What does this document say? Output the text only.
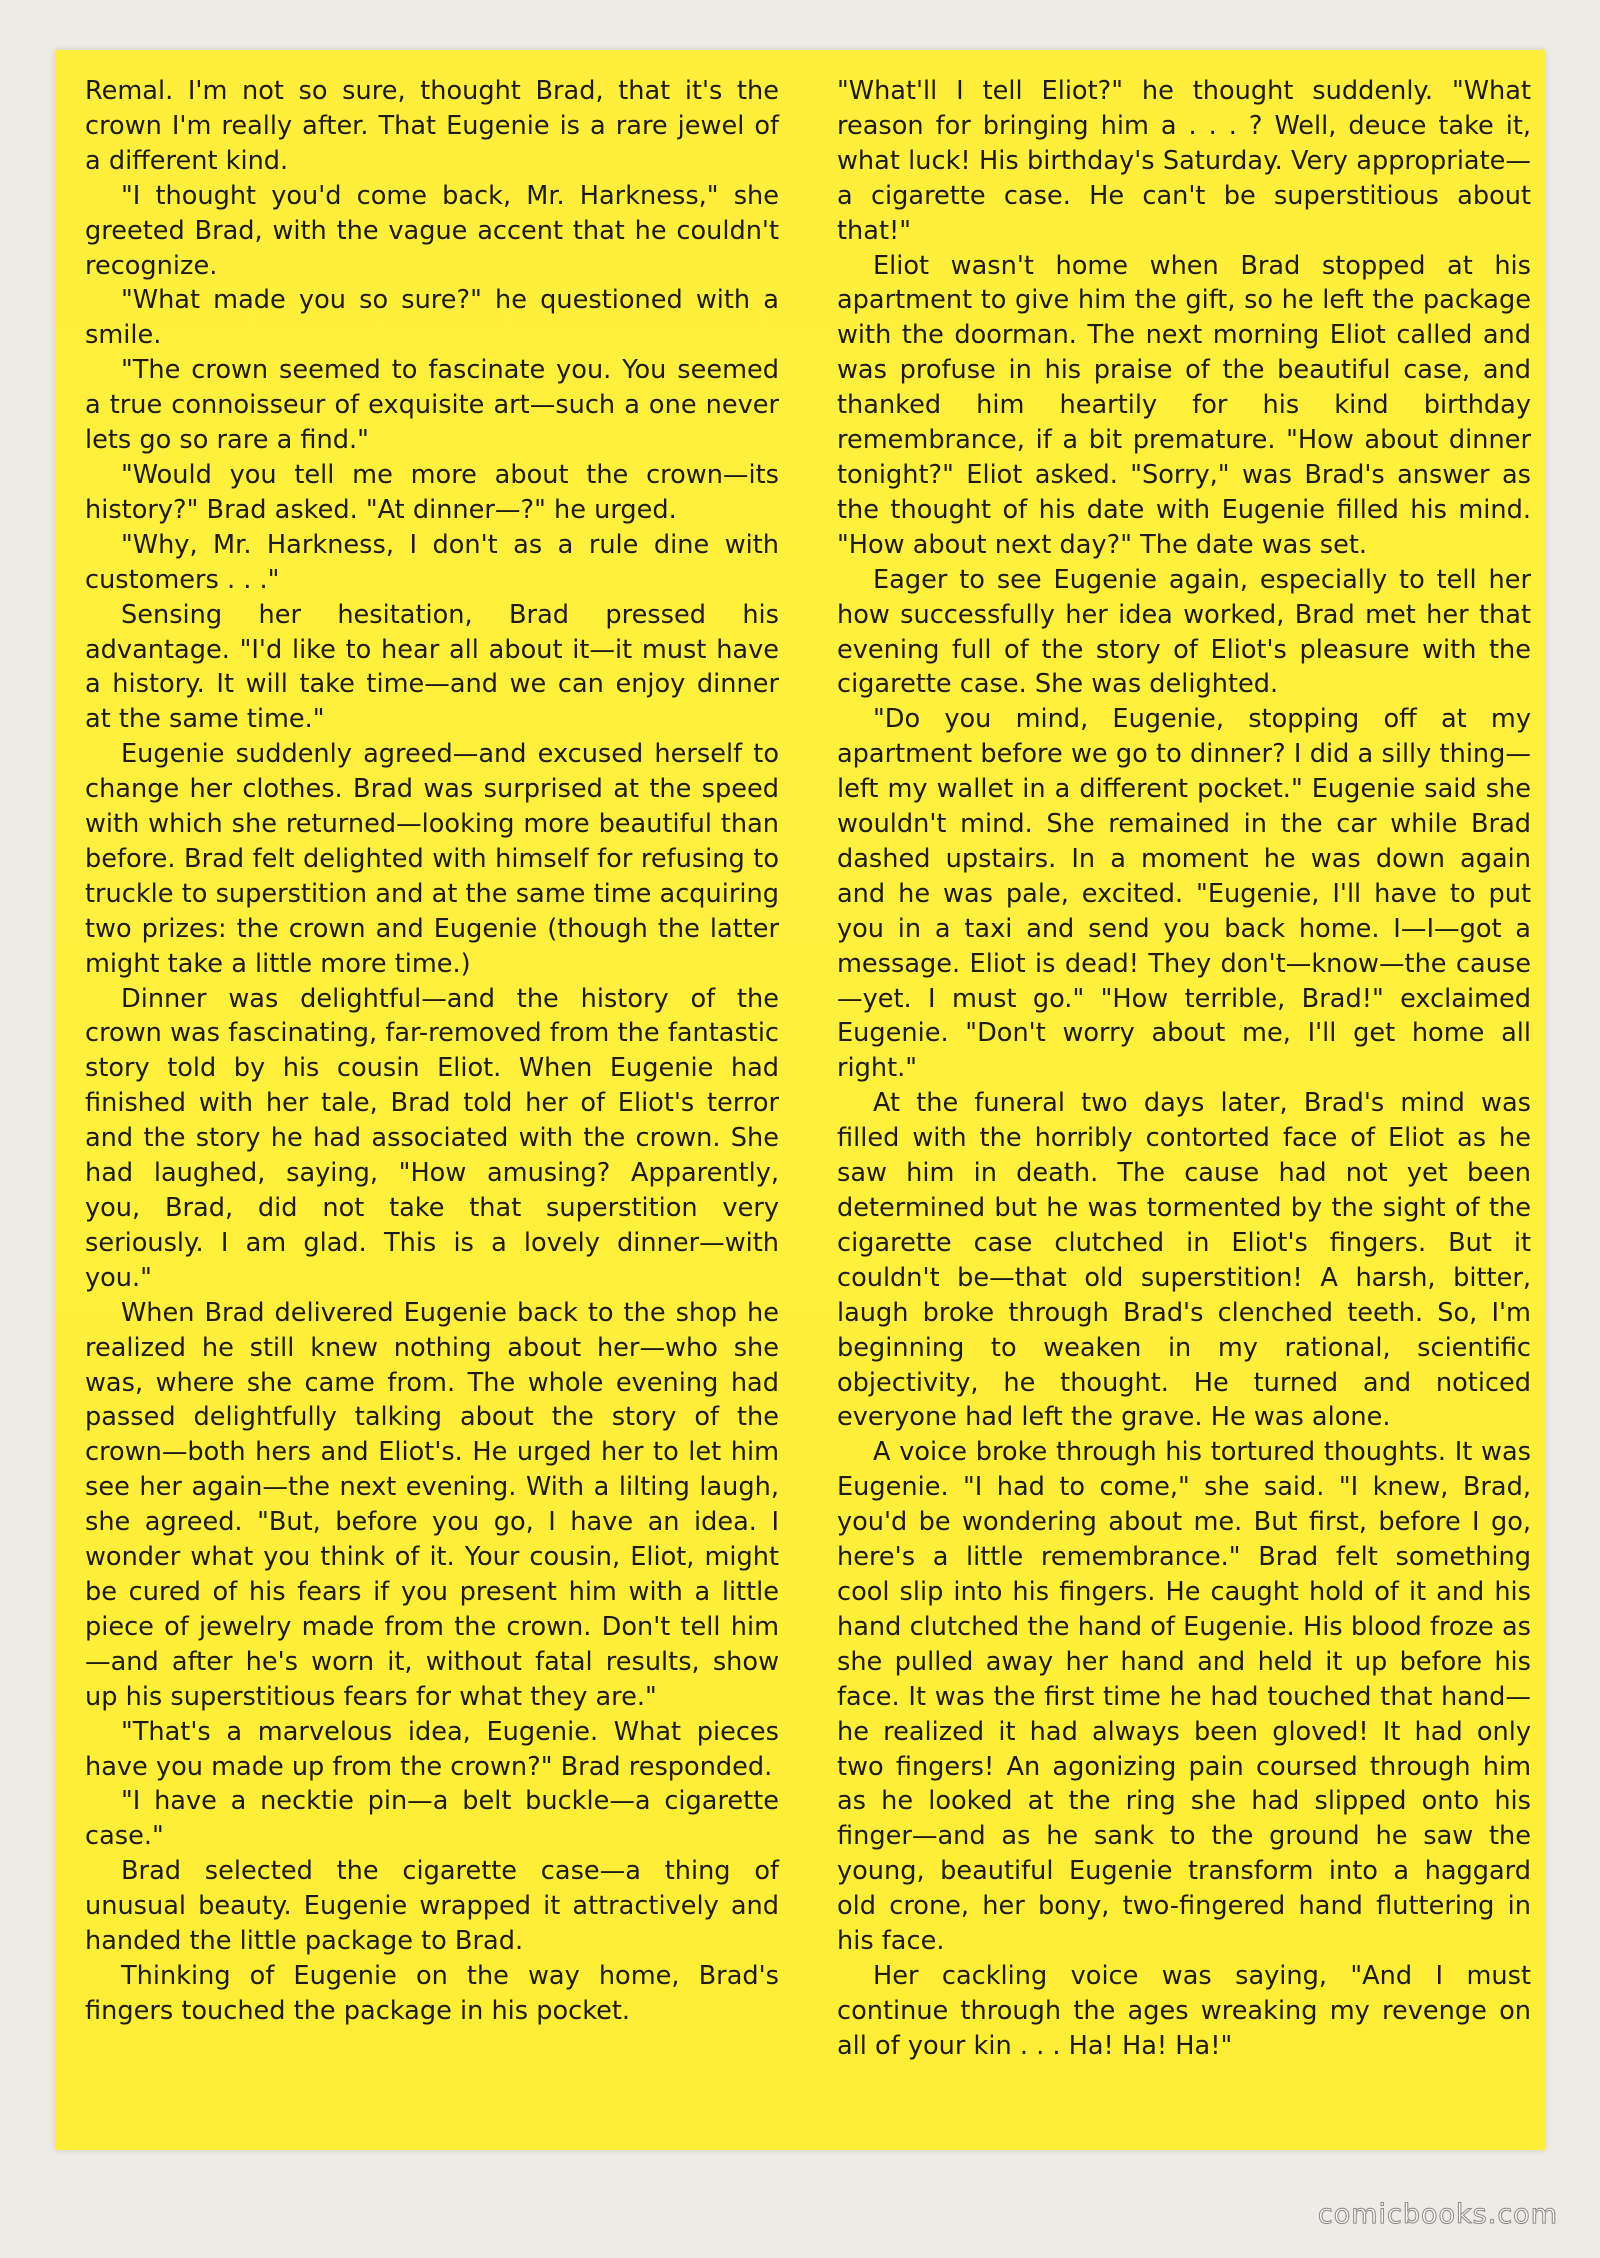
Remal. I'm not so sure, thought Brad, that it's the crown I'm really after. That Eugenie is a rare jewel of a different kind.

"I thought you'd come back, Mr. Harkness," she greeted Brad, with the vague accent that he couldn't recognize.

"What made you so sure?" he questioned with a smile.

"The crown seemed to fascinate you. You seemed a true connoisseur of exquisite art—such a one never lets go so rare a find."

"Would you tell me more about the crown—its history?" Brad asked. "At dinner—?" he urged.

"Why, Mr. Harkness, I don't as a rule dine with customers . . ."

Sensing her hesitation, Brad pressed his advantage. "I'd like to hear all about it—it must have a history. It will take time—and we can enjoy dinner at the same time."

Eugenie suddenly agreed—and excused herself to change her clothes. Brad was surprised at the speed with which she returned—looking more beautiful than before. Brad felt delighted with himself for refusing to truckle to superstition and at the same time acquiring two prizes: the crown and Eugenie (though the latter might take a little more time.)

Dinner was delightful—and the history of the crown was fascinating, far-removed from the fantastic story told by his cousin Eliot. When Eugenie had finished with her tale, Brad told her of Eliot's terror and the story he had associated with the crown. She had laughed, saying, "How amusing? Apparently, you, Brad, did not take that superstition very seriously. I am glad. This is a lovely dinner—with you."

When Brad delivered Eugenie back to the shop he realized he still knew nothing about her—who she was, where she came from. The whole evening had passed delightfully talking about the story of the crown—both hers and Eliot's. He urged her to let him see her again—the next evening. With a lilting laugh, she agreed. "But, before you go, I have an idea. I wonder what you think of it. Your cousin, Eliot, might be cured of his fears if you present him with a little piece of jewelry made from the crown. Don't tell him—and after he's worn it, without fatal results, show up his superstitious fears for what they are."

"That's a marvelous idea, Eugenie. What pieces have you made up from the crown?" Brad responded.

"I have a necktie pin—a belt buckle—a cigarette case."

Brad selected the cigarette case—a thing of unusual beauty. Eugenie wrapped it attractively and handed the little package to Brad.

Thinking of Eugenie on the way home, Brad's fingers touched the package in his pocket.

"What'll I tell Eliot?" he thought suddenly. "What reason for bringing him a . . . ? Well, deuce take it, what luck! His birthday's Saturday. Very appropriate—a cigarette case. He can't be superstitious about that!"

Eliot wasn't home when Brad stopped at his apartment to give him the gift, so he left the package with the doorman. The next morning Eliot called and was profuse in his praise of the beautiful case, and thanked him heartily for his kind birthday remembrance, if a bit premature. "How about dinner tonight?" Eliot asked. "Sorry," was Brad's answer as the thought of his date with Eugenie filled his mind. "How about next day?" The date was set.

Eager to see Eugenie again, especially to tell her how successfully her idea worked, Brad met her that evening full of the story of Eliot's pleasure with the cigarette case. She was delighted.

"Do you mind, Eugenie, stopping off at my apartment before we go to dinner? I did a silly thing—left my wallet in a different pocket." Eugenie said she wouldn't mind. She remained in the car while Brad dashed upstairs. In a moment he was down again and he was pale, excited. "Eugenie, I'll have to put you in a taxi and send you back home. I—I—got a message. Eliot is dead! They don't—know—the cause—yet. I must go." "How terrible, Brad!" exclaimed Eugenie. "Don't worry about me, I'll get home all right."

At the funeral two days later, Brad's mind was filled with the horribly contorted face of Eliot as he saw him in death. The cause had not yet been determined but he was tormented by the sight of the cigarette case clutched in Eliot's fingers. But it couldn't be—that old superstition! A harsh, bitter, laugh broke through Brad's clenched teeth. So, I'm beginning to weaken in my rational, scientific objectivity, he thought. He turned and noticed everyone had left the grave. He was alone.

A voice broke through his tortured thoughts. It was Eugenie. "I had to come," she said. "I knew, Brad, you'd be wondering about me. But first, before I go, here's a little remembrance." Brad felt something cool slip into his fingers. He caught hold of it and his hand clutched the hand of Eugenie. His blood froze as she pulled away her hand and held it up before his face. It was the first time he had touched that hand—he realized it had always been gloved! It had only two fingers! An agonizing pain coursed through him as he looked at the ring she had slipped onto his finger—and as he sank to the ground he saw the young, beautiful Eugenie transform into a haggard old crone, her bony, two-fingered hand fluttering in his face.

Her cackling voice was saying, "And I must continue through the ages wreaking my revenge on all of your kin . . . Ha! Ha! Ha!"

comicbooks.com
